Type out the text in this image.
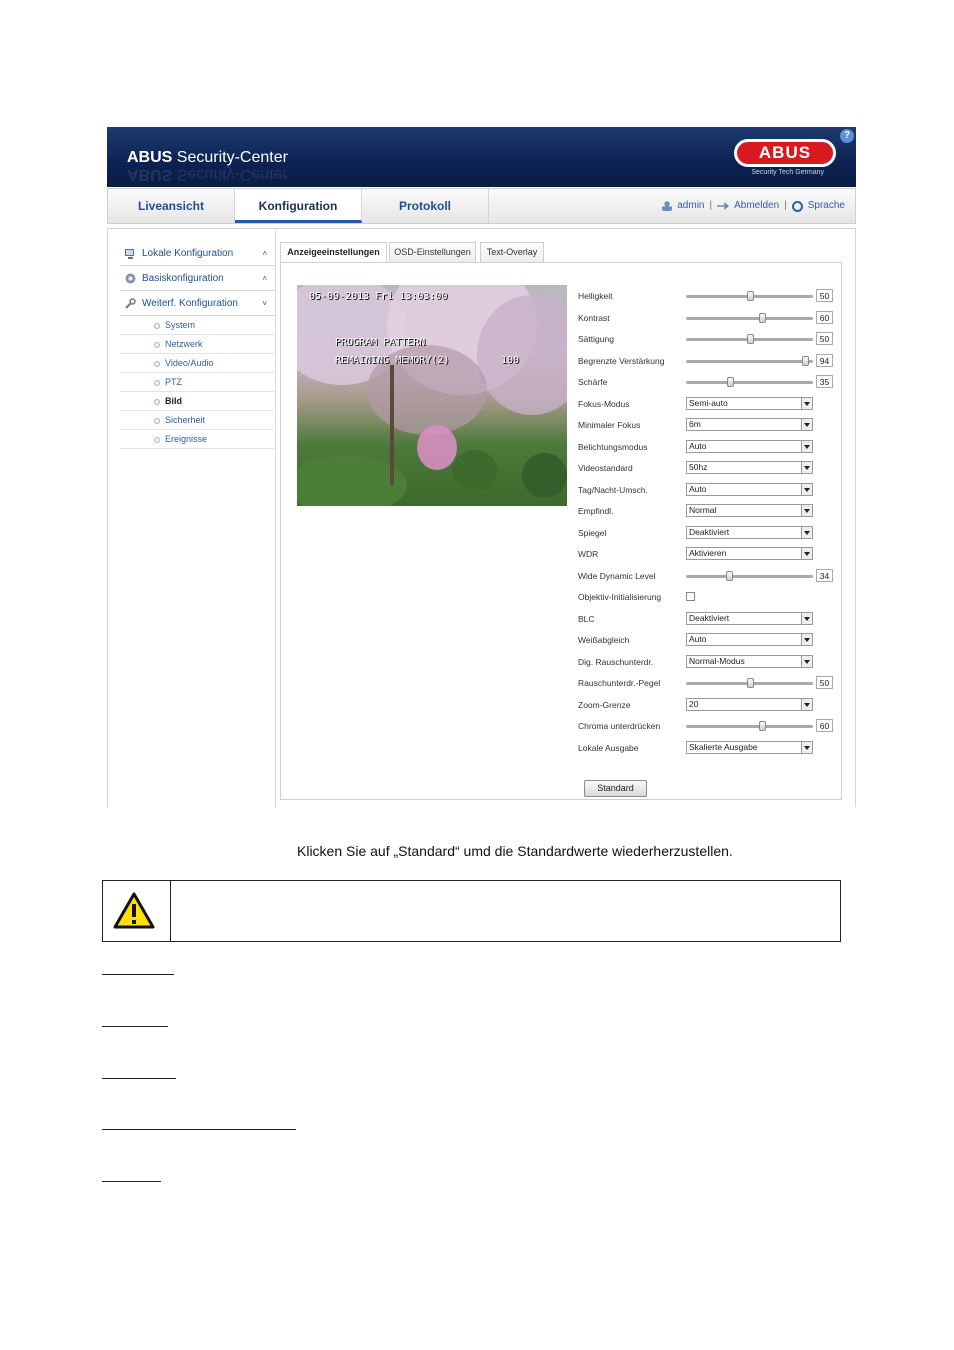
ABUS Security-Center
ABUS Security-Center
ABUS
Security Tech Germany
?
Liveansicht	Konfiguration	Protokoll	admin | Abmelden | Sprache
Lokale Konfiguration	˄
Basiskonfiguration	˄
Weiterf. Konfiguration	˅
System
Netzwerk
Video/Audio
PTZ
Bild
Sicherheit
Ereignisse
Anzeigeeinstellungen	OSD-Einstellungen	Text-Overlay
05-09-2013 Fri 13:03:00
PROGRAM PATTERN
REMAINING MEMORY(2)	100
Helligkeit	50
Kontrast	60
Sättigung	50
Begrenzte Verstärkung	94
Schärfe	35
Fokus-Modus	Semi-auto
Minimaler Fokus	6m
Belichtungsmodus	Auto
Videostandard	50hz
Tag/Nacht-Umsch.	Auto
Empfindl.	Normal
Spiegel	Deaktiviert
WDR	Aktivieren
Wide Dynamic Level	34
Objektiv-Initialisierung
BLC	Deaktiviert
Weißabgleich	Auto
Dig. Rauschunterdr.	Normal-Modus
Rauschunterdr.-Pegel	50
Zoom-Grenze	20
Chroma unterdrücken	60
Lokale Ausgabe	Skalierte Ausgabe
Standard
Klicken Sie auf „Standard“ umd die Standardwerte wiederherzustellen.
